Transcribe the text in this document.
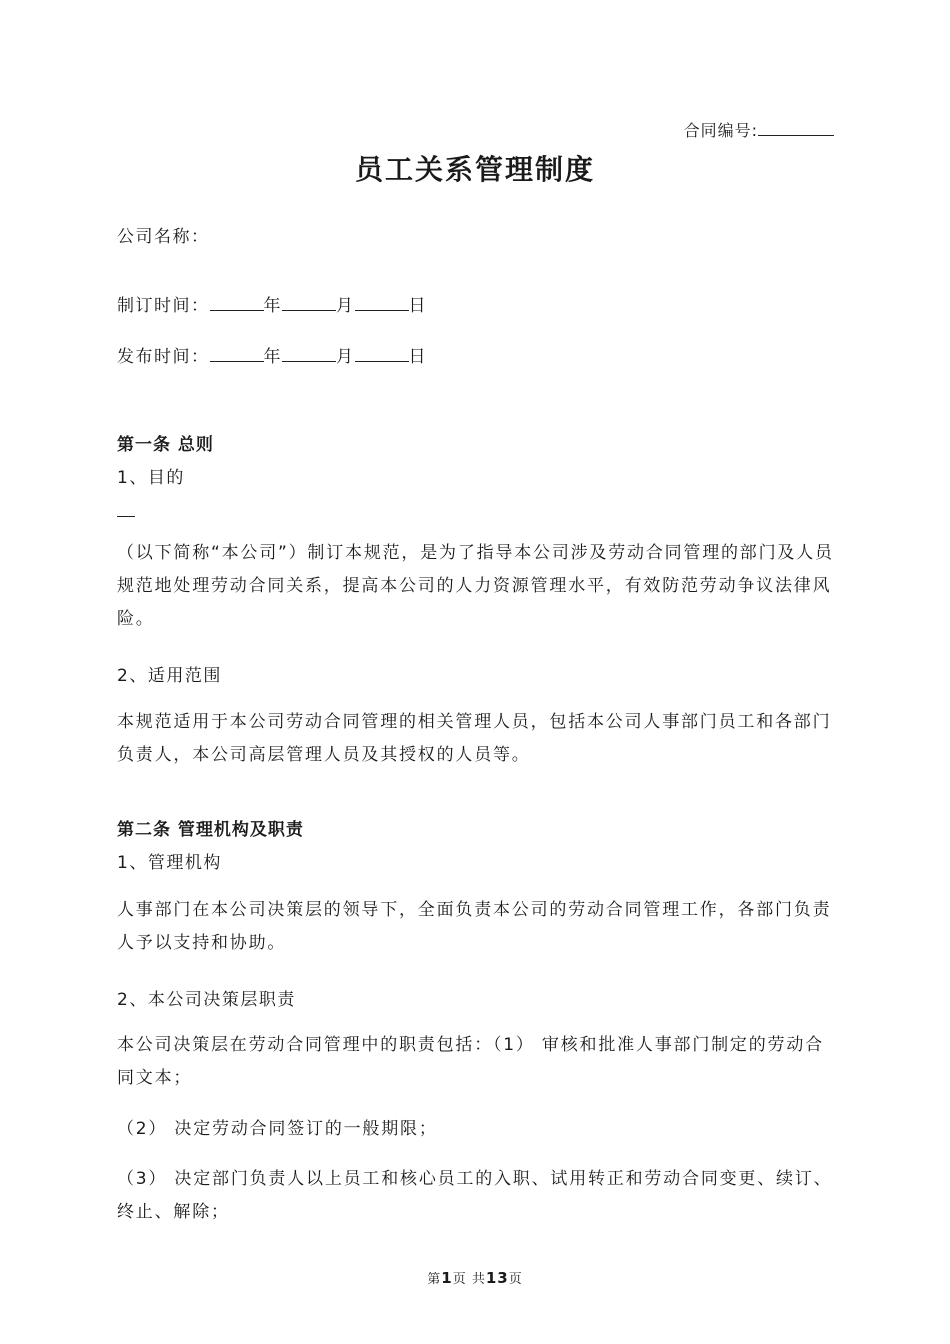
合同编号:
员工关系管理制度
公司名称：
制订时间：	年	月	日
发布时间：	年	月	日
第一条 总则
1、目的
（以下简称“本公司”）制订本规范，是为了指导本公司涉及劳动合同管理的部门及人员规范地处理劳动合同关系，提高本公司的人力资源管理水平，有效防范劳动争议法律风险。
2、适用范围
本规范适用于本公司劳动合同管理的相关管理人员，包括本公司人事部门员工和各部门负责人，本公司高层管理人员及其授权的人员等。
第二条 管理机构及职责
1、管理机构
人事部门在本公司决策层的领导下，全面负责本公司的劳动合同管理工作，各部门负责人予以支持和协助。
2、本公司决策层职责
本公司决策层在劳动合同管理中的职责包括：（1） 审核和批准人事部门制定的劳动合同文本；
（2） 决定劳动合同签订的一般期限；
（3） 决定部门负责人以上员工和核心员工的入职、试用转正和劳动合同变更、续订、终止、解除；
第1页 共13页
